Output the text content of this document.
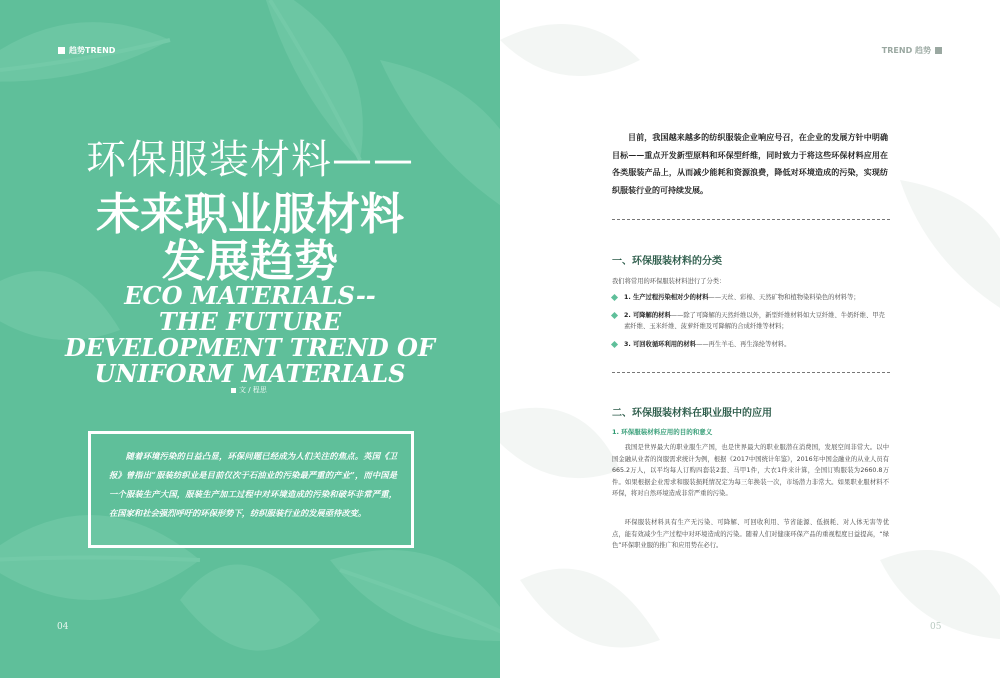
趋势TREND
环保服装材料——
未来职业服材料
发展趋势
ECO MATERIALS--
THE FUTURE
DEVELOPMENT TREND OF
UNIFORM MATERIALS
文 / 程思
随着环境污染的日益凸显，环保问题已经成为人们关注的焦点。英国《卫报》曾指出“服装纺织业是目前仅次于石油业的污染最严重的产业”，而中国是一个服装生产大国，服装生产加工过程中对环境造成的污染和破坏非常严重，在国家和社会强烈呼吁的环保形势下，纺织服装行业的发展亟待改变。
04
TREND 趋势
目前，我国越来越多的纺织服装企业响应号召，在企业的发展方针中明确目标——重点开发新型原料和环保型纤维，同时致力于将这些环保材料应用在各类服装产品上，从而减少能耗和资源浪费，降低对环境造成的污染，实现纺织服装行业的可持续发展。
一、环保服装材料的分类
我们将常用的环保服装材料进行了分类：
1. 生产过程污染相对少的材料——天丝、彩棉、天然矿物和植物染料染色的材料等；
2. 可降解的材料——除了可降解的天然纤维以外，新型纤维材料如大豆纤维、牛奶纤维、甲壳素纤维、玉米纤维、菠萝纤维及可降解的合成纤维等材料；
3. 可回收循环利用的材料——再生羊毛、再生涤纶等材料。
二、环保服装材料在职业服中的应用
1. 环保服装材料应用的目的和意义
我国是世界最大的职业服生产国，也是世界最大的职业服潜在消费国，发展空间非常大。以中国金融从业者的岗服需求统计为例，根据《2017中国统计年鉴》，2016年中国金融业的从业人员有665.2万人，以平均每人订购四套装2套、马甲1件，大衣1件来计算，全国订购服装为2660.8万件。如果根据企业需求和服装损耗情况定为每三年换装一次，市场潜力非常大。如果职业服材料不环保，将对自然环境造成非常严重的污染。
环保服装材料具有生产无污染、可降解、可回收利用、节省能源、低损耗、对人体无害等优点，能有效减少生产过程中对环境造成的污染。随着人们对健康环保产品的重视程度日益提高，“绿色”环保职业服的推广和应用势在必行。
05
